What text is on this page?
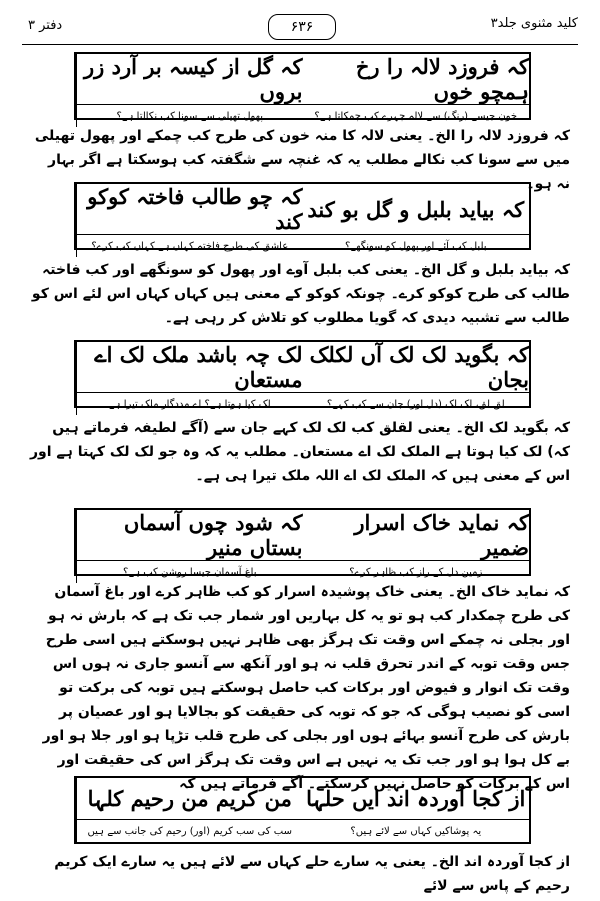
دفتر ۳	۶۳۶	کلید مثنوی جلد۳
کہ گل از کیسہ بر آرد زر بروں
پھول تھیلی سے سونا کب نکالتا ہے؟
کہ فروزد لالہ را رخ ہمچو خوں
خون جیسے (رنگ) سے لالہ چہرے کب چمکاتا ہے؟
کہ فروزد لالہ را الخ۔ یعنی لالہ کا منہ خون کی طرح کب چمکے اور پھول تھیلی میں سے سونا کب نکالے مطلب یہ کہ غنچہ سے شگفتہ کب ہوسکتا ہے اگر بہار نہ ہو۔
کہ چو طالب فاختہ کوکو کند
عاشق کی طرح فاختہ کہاں ہے کہاں کب کرے؟
کہ بیاید بلبل و گل بو کند
بلبل کب آئے اور پھول کو سونگھے؟
کہ بیاید بلبل و گل الخ۔ یعنی کب بلبل آوے اور پھول کو سونگھے اور کب فاختہ طالب کی طرح کوکو کرے۔ چونکہ کوکو کے معنی ہیں کہاں کہاں اس لئے اس کو طالب سے تشبیہ دیدی کہ گویا مطلوب کو تلاش کر رہی ہے۔
لک چہ باشد ملک لک اے مستعان
لک کیا ہوتا ہے؟ اے مددگار ملک تیرا ہے
کہ بگوید لک لک آں لکلک بجان
لق لق، لک لک (دل اور) جان سے کب کہے؟
کہ بگوید لک الخ۔ یعنی لقلق کب لک لک کہے جان سے (آگے لطیفہ فرماتے ہیں کہ) لک کیا ہوتا ہے الملک لک اے مستعان۔ مطلب یہ کہ وہ جو لک لک کہتا ہے اور اس کے معنی ہیں کہ الملک لک اے اللہ ملک تیرا ہی ہے۔
کہ شود چوں آسماں بستاں منیر
باغ آسمان جیسا روشن کب ہے؟
کہ نماید خاک اسرار ضمیر
زمین دل کے راز کب ظاہر کرے؟
کہ نماید خاک الخ۔ یعنی خاک پوشیدہ اسرار کو کب ظاہر کرے اور باغ آسمان کی طرح چمکدار کب ہو تو یہ کل بہاریں اور شمار جب تک ہے کہ بارش نہ ہو اور بجلی نہ چمکے اس وقت تک ہرگز بھی ظاہر نہیں ہوسکتے ہیں اسی طرح جس وقت توبہ کے اندر تحرق قلب نہ ہو اور آنکھ سے آنسو جاری نہ ہوں اس وقت تک انوار و فیوض اور برکات کب حاصل ہوسکتے ہیں توبہ کی برکت تو اسی کو نصیب ہوگی کہ جو کہ توبہ کی حقیقت کو بجالایا ہو اور عصیان پر بارش کی طرح آنسو بہائے ہوں اور بجلی کی طرح قلب تڑپا ہو اور جلا ہو اور بے کل ہوا ہو اور جب تک یہ نہیں ہے اس وقت تک ہرگز اس کی حقیقت اور اس کے برکات کو حاصل نہیں کرسکتے۔ آگے فرماتے ہیں کہ
من کریم من رحیم کلہا
سب کی سب کریم (اور) رحیم کی جانب سے ہیں
از کجا آوردہ اند ایں حلہا
یہ پوشاکیں کہاں سے لائے ہیں؟
از کجا آوردہ اند الخ۔ یعنی یہ سارے حلے کہاں سے لائے ہیں یہ سارے ایک کریم رحیم کے پاس سے لائے
